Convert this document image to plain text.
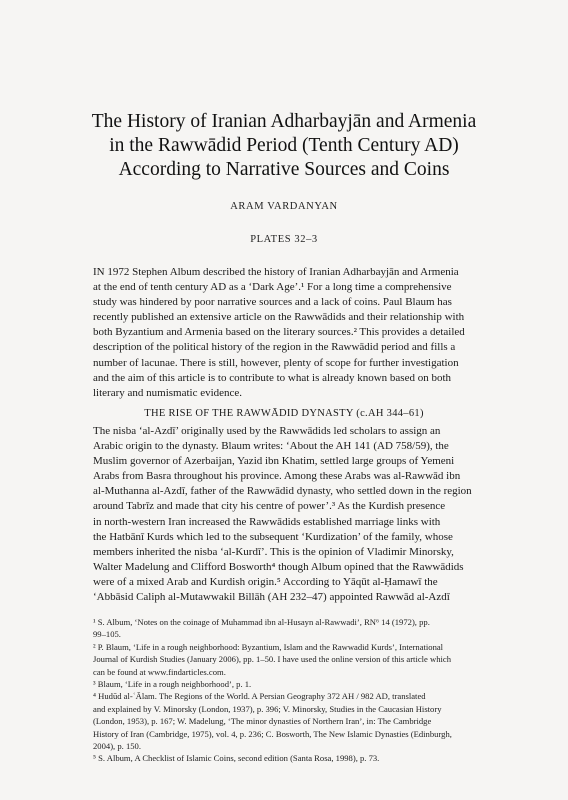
The History of Iranian Adharbayjān and Armenia
in the Rawwādid Period (Tenth Century AD)
According to Narrative Sources and Coins
ARAM VARDANYAN
PLATES 32–3
IN 1972 Stephen Album described the history of Iranian Adharbayjān and Armenia
at the end of tenth century AD as a ‘Dark Age’.¹ For a long time a comprehensive
study was hindered by poor narrative sources and a lack of coins. Paul Blaum has
recently published an extensive article on the Rawwādids and their relationship with
both Byzantium and Armenia based on the literary sources.² This provides a detailed
description of the political history of the region in the Rawwādid period and fills a
number of lacunae. There is still, however, plenty of scope for further investigation
and the aim of this article is to contribute to what is already known based on both
literary and numismatic evidence.
THE RISE OF THE RAWWĀDID DYNASTY (c.AH 344–61)
The nisba ‘al-Azdī’ originally used by the Rawwādids led scholars to assign an
Arabic origin to the dynasty. Blaum writes: ‘About the AH 141 (AD 758/59), the
Muslim governor of Azerbaijan, Yazid ibn Khatim, settled large groups of Yemeni
Arabs from Basra throughout his province. Among these Arabs was al-Rawwād ibn
al-Muthanna al-Azdī, father of the Rawwādid dynasty, who settled down in the region
around Tabrīz and made that city his centre of power’.³ As the Kurdish presence
in north-western Iran increased the Rawwādids established marriage links with
the Hatbānī Kurds which led to the subsequent ‘Kurdization’ of the family, whose
members inherited the nisba ‘al-Kurdī’. This is the opinion of Vladimir Minorsky,
Walter Madelung and Clifford Bosworth⁴ though Album opined that the Rawwādids
were of a mixed Arab and Kurdish origin.⁵ According to Yāqūt al-Ḥamawī the
‘Abbāsid Caliph al-Mutawwakil Billāh (AH 232–47) appointed Rawwād al-Azdī
¹ S. Album, ‘Notes on the coinage of Muhammad ibn al-Husayn al-Rawwadi’, RN⁶ 14 (1972), pp.
99–105.
² P. Blaum, ‘Life in a rough neighborhood: Byzantium, Islam and the Rawwadid Kurds’, International
Journal of Kurdish Studies (January 2006), pp. 1–50. I have used the online version of this article which
can be found at www.findarticles.com.
³ Blaum, ‘Life in a rough neighborhood’, p. 1.
⁴ Hudūd al-ʿĀlam. The Regions of the World. A Persian Geography 372 AH / 982 AD, translated
and explained by V. Minorsky (London, 1937), p. 396; V. Minorsky, Studies in the Caucasian History
(London, 1953), p. 167; W. Madelung, ‘The minor dynasties of Northern Iran’, in: The Cambridge
History of Iran (Cambridge, 1975), vol. 4, p. 236; C. Bosworth, The New Islamic Dynasties (Edinburgh,
2004), p. 150.
⁵ S. Album, A Checklist of Islamic Coins, second edition (Santa Rosa, 1998), p. 73.
